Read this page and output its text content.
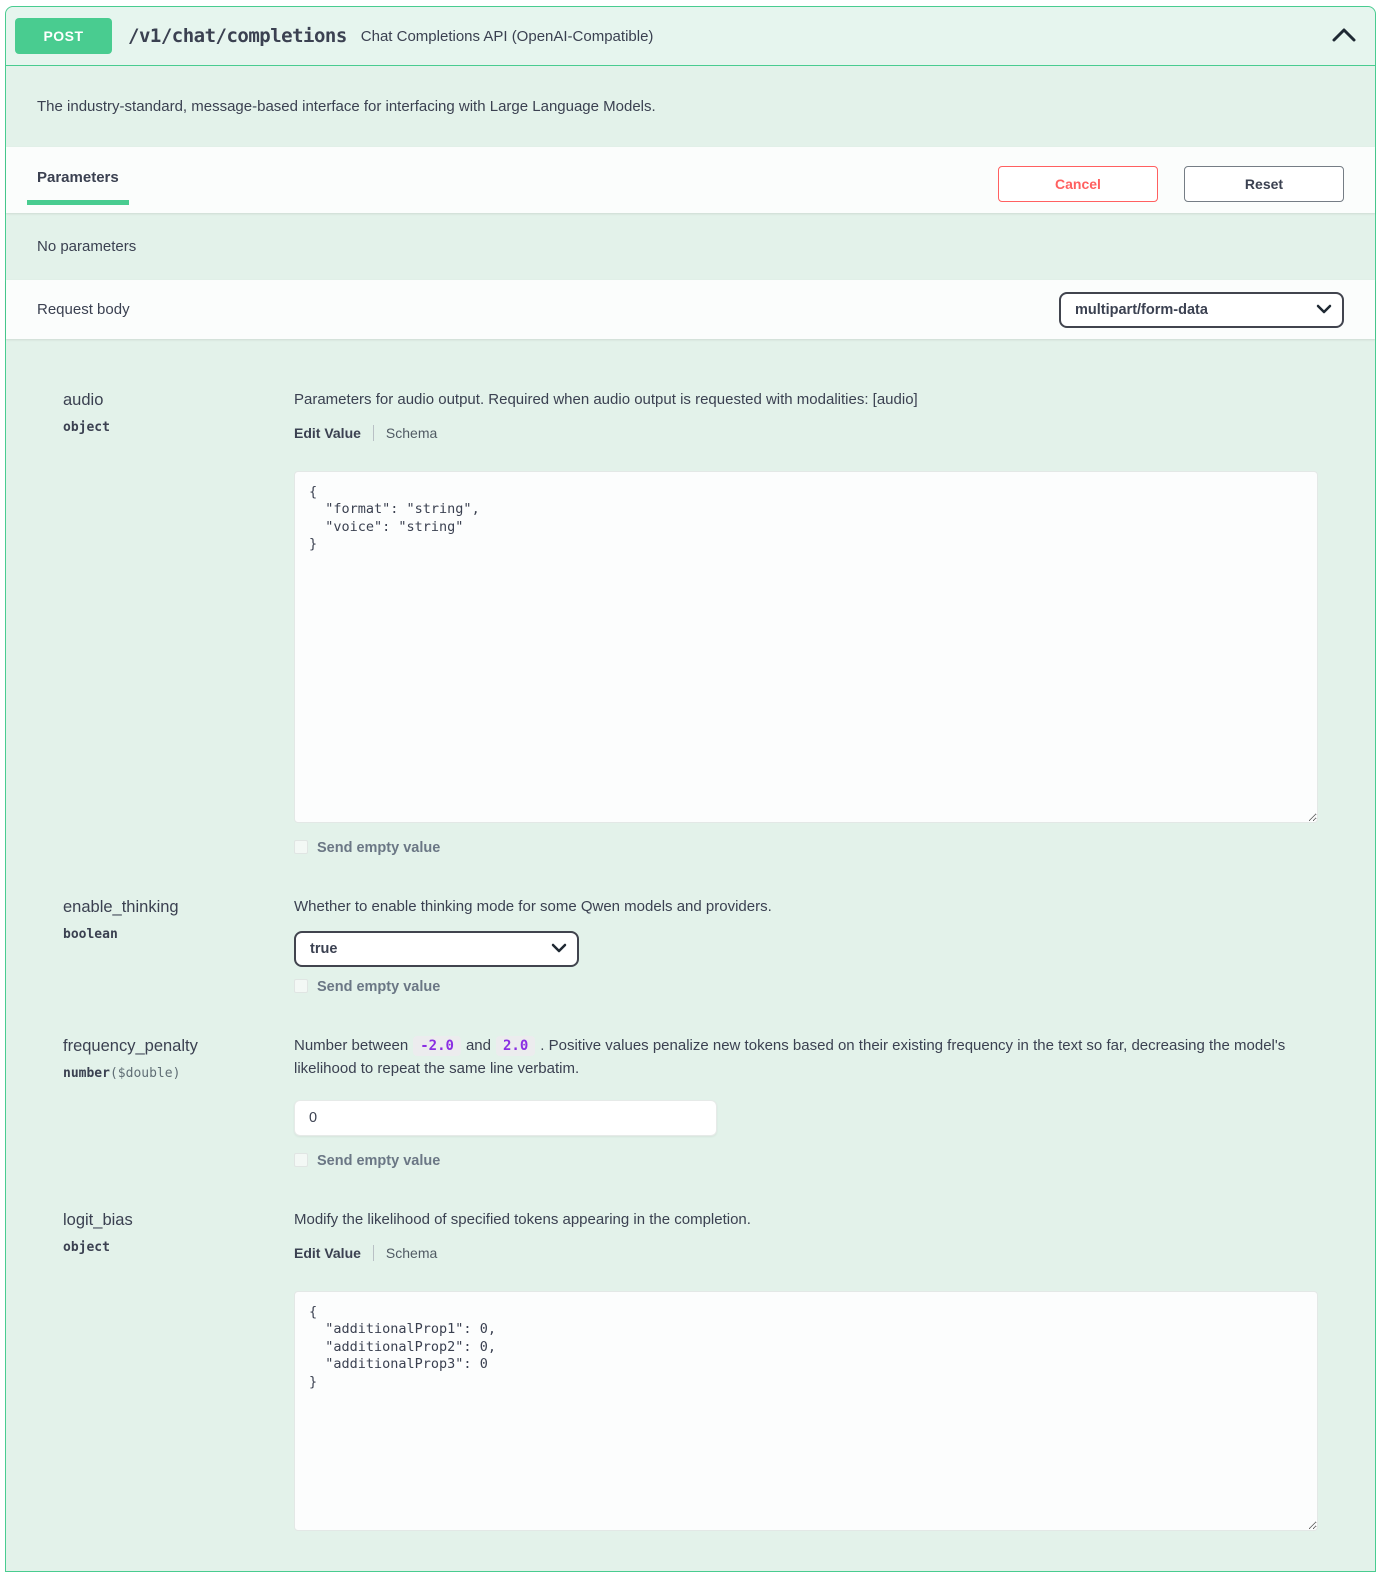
POST	/v1/chat/completions Chat Completions API (OpenAI-Compatible)
The industry-standard, message-based interface for interfacing with Large Language Models.
Parameters	Cancel	Reset
No parameters
Request body
multipart/form-data
audio
object
Parameters for audio output. Required when audio output is requested with modalities: [audio]
Edit Value	Schema
{ "format": "string", "voice": "string" }
Send empty value
enable_thinking
boolean
Whether to enable thinking mode for some Qwen models and providers.
true
Send empty value
frequency_penalty
number($double)
Number between -2.0 and 2.0 . Positive values penalize new tokens based on their existing frequency in the text so far, decreasing the model's likelihood to repeat the same line verbatim.
0
Send empty value
logit_bias
object
Modify the likelihood of specified tokens appearing in the completion.
Edit Value	Schema
{ "additionalProp1": 0, "additionalProp2": 0, "additionalProp3": 0 }
